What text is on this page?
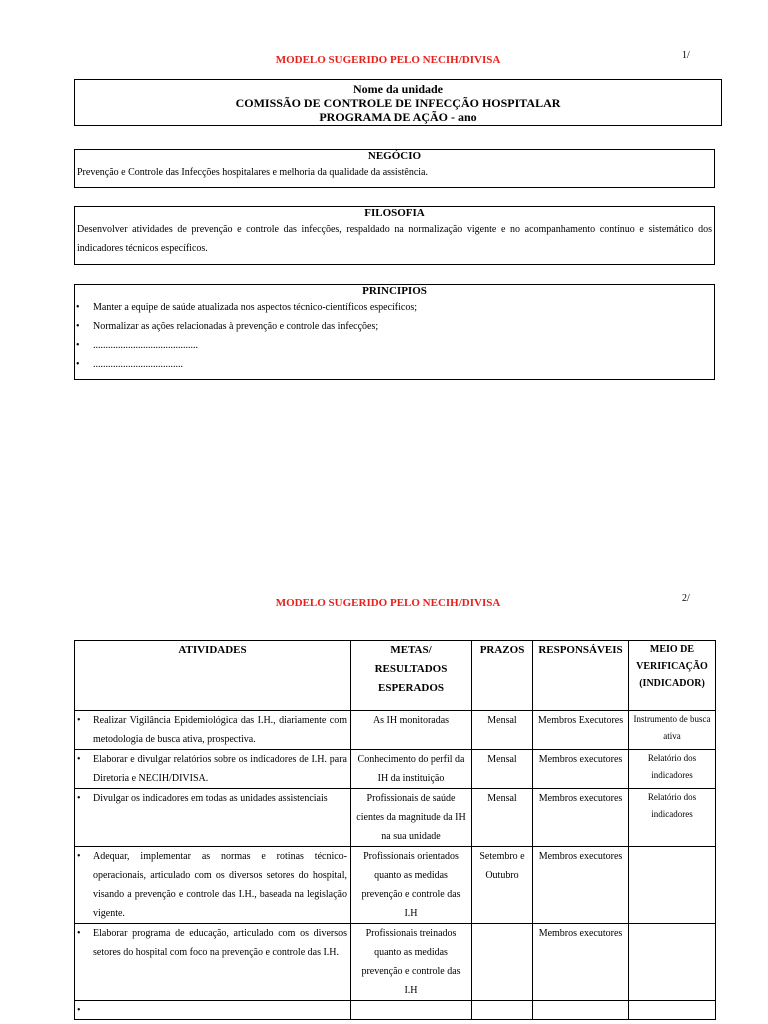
MODELO SUGERIDO PELO NECIH/DIVISA	1/
Nome da unidade
COMISSÃO DE CONTROLE DE INFECÇÃO HOSPITALAR
PROGRAMA DE AÇÃO - ano
NEGÓCIO
Prevenção e Controle das Infecções hospitalares e melhoria da qualidade da assistência.
FILOSOFIA
Desenvolver atividades de prevenção e controle das infecções, respaldado na normalização vigente e no acompanhamento contínuo e sistemático dos indicadores técnicos específicos.
PRINCIPIOS
• Manter a equipe de saúde atualizada nos aspectos técnico-científicos específicos;
• Normalizar as ações relacionadas à prevenção e controle das infecções;
• ..........................................
• ....................................
MODELO SUGERIDO PELO NECIH/DIVISA	2/
ATIVIDADES	METAS/ RESULTADOS ESPERADOS	PRAZOS	RESPONSÁVEIS	MEIO DE VERIFICAÇÃO (INDICADOR)

• Realizar Vigilância Epidemiológica das I.H., diariamente com metodologia de busca ativa, prospectiva.	As IH monitoradas	Mensal	Membros Executores	Instrumento de busca ativa

• Elaborar e divulgar relatórios sobre os indicadores de I.H. para Diretoria e NECIH/DIVISA.	Conhecimento do perfil da IH da instituição	Mensal	Membros executores	Relatório dos indicadores

• Divulgar os indicadores em todas as unidades assistenciais	Profissionais de saúde cientes da magnitude da IH na sua unidade	Mensal	Membros executores	Relatório dos indicadores

• Adequar, implementar as normas e rotinas técnico-operacionais, articulado com os diversos setores do hospital, visando a prevenção e controle das I.H., baseada na legislação vigente.	Profissionais orientados quanto as medidas prevenção e controle das I.H	Setembro e Outubro	Membros executores	

• Elaborar programa de educação, articulado com os diversos setores do hospital com foco na prevenção e controle das I.H.	Profissionais treinados quanto as medidas prevenção e controle das I.H		Membros executores	

•				
